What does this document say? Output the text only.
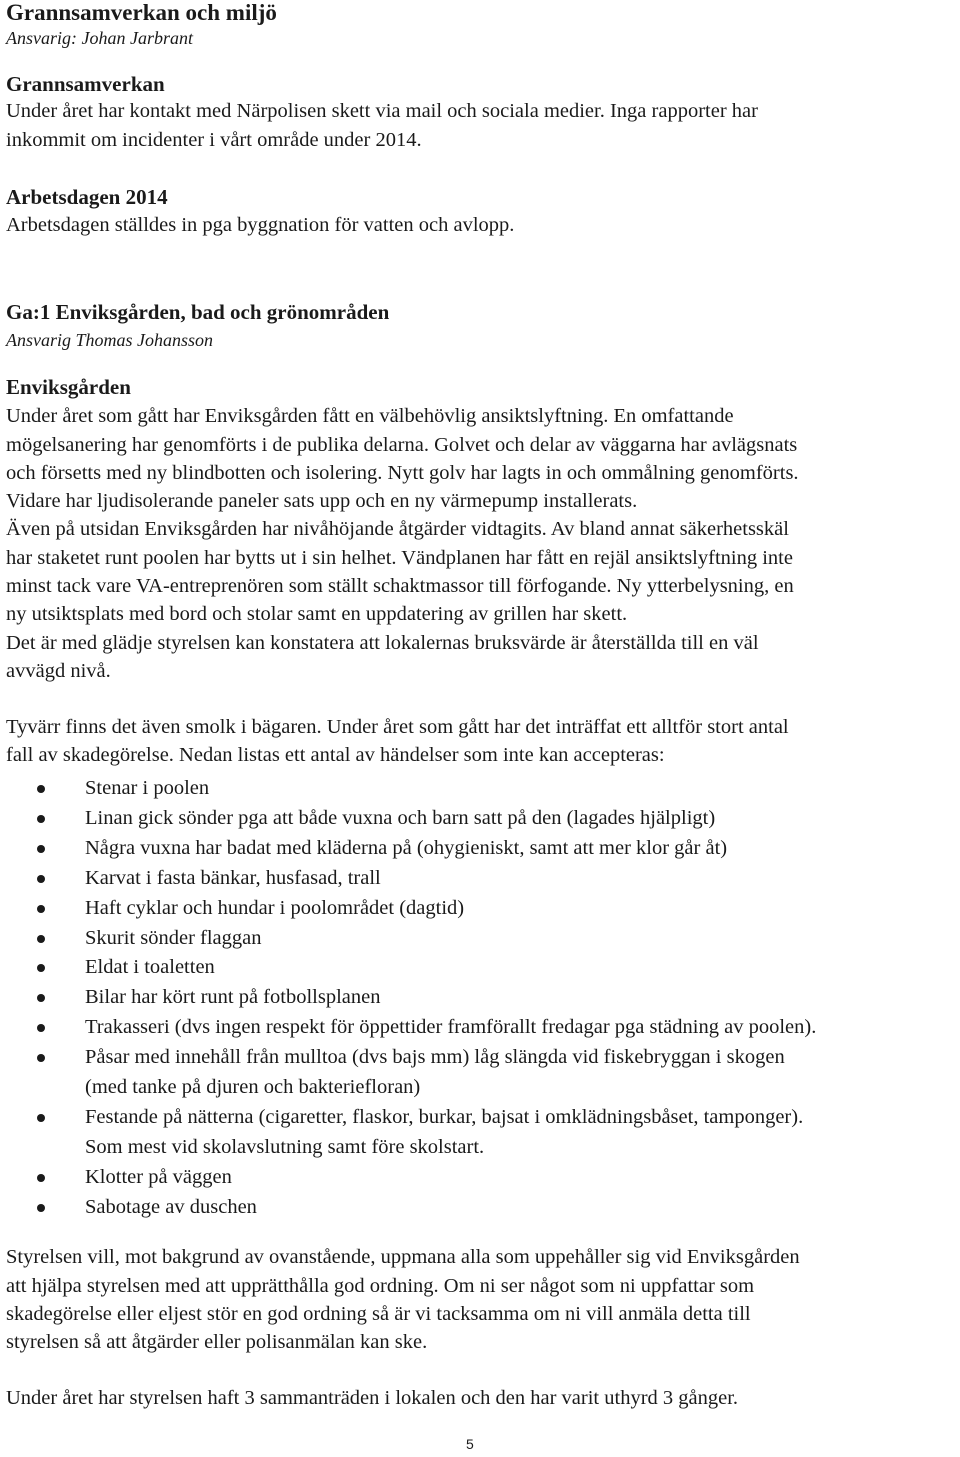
Grannsamverkan och miljö
Ansvarig: Johan Jarbrant
Grannsamverkan
Under året har kontakt med Närpolisen skett via mail och sociala medier. Inga rapporter har
inkommit om incidenter i vårt område under 2014.
Arbetsdagen 2014
Arbetsdagen ställdes in pga byggnation för vatten och avlopp.
Ga:1 Enviksgården, bad och grönområden
Ansvarig Thomas Johansson
Enviksgården
Under året som gått har Enviksgården fått en välbehövlig ansiktslyftning. En omfattande
mögelsanering har genomförts i de publika delarna. Golvet och delar av väggarna har avlägsnats
och försetts med ny blindbotten och isolering. Nytt golv har lagts in och ommålning genomförts.
Vidare har ljudisolerande paneler sats upp och en ny värmepump installerats.
Även på utsidan Enviksgården har nivåhöjande åtgärder vidtagits. Av bland annat säkerhetsskäl
har staketet runt poolen har bytts ut i sin helhet. Vändplanen har fått en rejäl ansiktslyftning inte
minst tack vare VA-entreprenören som ställt schaktmassor till förfogande. Ny ytterbelysning, en
ny utsiktsplats med bord och stolar samt en uppdatering av grillen har skett.
Det är med glädje styrelsen kan konstatera att lokalernas bruksvärde är återställda till en väl
avvägd nivå.
Tyvärr finns det även smolk i bägaren. Under året som gått har det inträffat ett alltför stort antal
fall av skadegörelse. Nedan listas ett antal av händelser som inte kan accepteras:
Stenar i poolen
Linan gick sönder pga att både vuxna och barn satt på den (lagades hjälpligt)
Några vuxna har badat med kläderna på (ohygieniskt, samt att mer klor går åt)
Karvat i fasta bänkar, husfasad, trall
Haft cyklar och hundar i poolområdet (dagtid)
Skurit sönder flaggan
Eldat i toaletten
Bilar har kört runt på fotbollsplanen
Trakasseri (dvs ingen respekt för öppettider framförallt fredagar pga städning av poolen).
Påsar med innehåll från mulltoa (dvs bajs mm) låg slängda vid fiskebryggan i skogen
(med tanke på djuren och bakteriefloran)
Festande på nätterna (cigaretter, flaskor, burkar, bajsat i omklädningsbåset, tamponger).
Som mest vid skolavslutning samt före skolstart.
Klotter på väggen
Sabotage av duschen
Styrelsen vill, mot bakgrund av ovanstående, uppmana alla som uppehåller sig vid Enviksgården
att hjälpa styrelsen med att upprätthålla god ordning. Om ni ser något som ni uppfattar som
skadegörelse eller eljest stör en god ordning så är vi tacksamma om ni vill anmäla detta till
styrelsen så att åtgärder eller polisanmälan kan ske.
Under året har styrelsen haft 3 sammanträden i lokalen och den har varit uthyrd 3 gånger.
5
